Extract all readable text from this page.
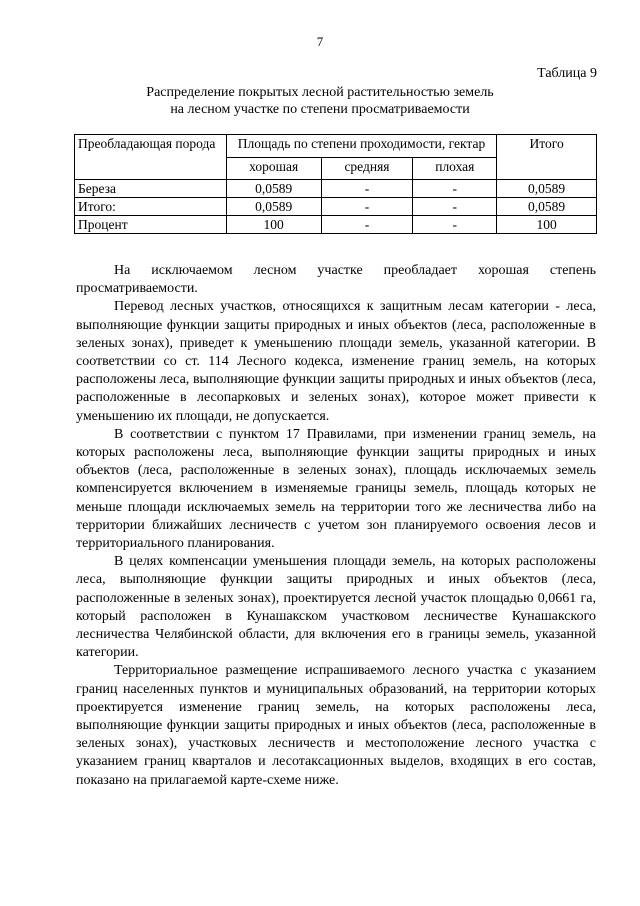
7
Таблица 9
Распределение покрытых лесной растительностью земель
на лесном участке по степени просматриваемости
Преобладающая порода	Площадь по степени проходимости, гектар			Итого
	хорошая	средняя	плохая	
Береза	0,0589	-	-	0,0589
Итого:	0,0589	-	-	0,0589
Процент	100	-	-	100

На исключаемом лесном участке преобладает хорошая степень просматриваемости.

Перевод лесных участков, относящихся к защитным лесам категории - леса, выполняющие функции защиты природных и иных объектов (леса, расположенные в зеленых зонах), приведет к уменьшению площади земель, указанной категории. В соответствии со ст. 114 Лесного кодекса, изменение границ земель, на которых расположены леса, выполняющие функции защиты природных и иных объектов (леса, расположенные в лесопарковых и зеленых зонах), которое может привести к уменьшению их площади, не допускается.

В соответствии с пунктом 17 Правилами, при изменении границ земель, на которых расположены леса, выполняющие функции защиты природных и иных объектов (леса, расположенные в зеленых зонах), площадь исключаемых земель компенсируется включением в изменяемые границы земель, площадь которых не меньше площади исключаемых земель на территории того же лесничества либо на территории ближайших лесничеств с учетом зон планируемого освоения лесов и территориального планирования.

В целях компенсации уменьшения площади земель, на которых расположены леса, выполняющие функции защиты природных и иных объектов (леса, расположенные в зеленых зонах), проектируется лесной участок площадью 0,0661 га, который расположен в Кунашакском участковом лесничестве Кунашакского лесничества Челябинской области, для включения его в границы земель, указанной категории.

Территориальное размещение испрашиваемого лесного участка с указанием границ населенных пунктов и муниципальных образований, на территории которых проектируется изменение границ земель, на которых расположены леса, выполняющие функции защиты природных и иных объектов (леса, расположенные в зеленых зонах), участковых лесничеств и местоположение лесного участка с указанием границ кварталов и лесотаксационных выделов, входящих в его состав, показано на прилагаемой карте-схеме ниже.
